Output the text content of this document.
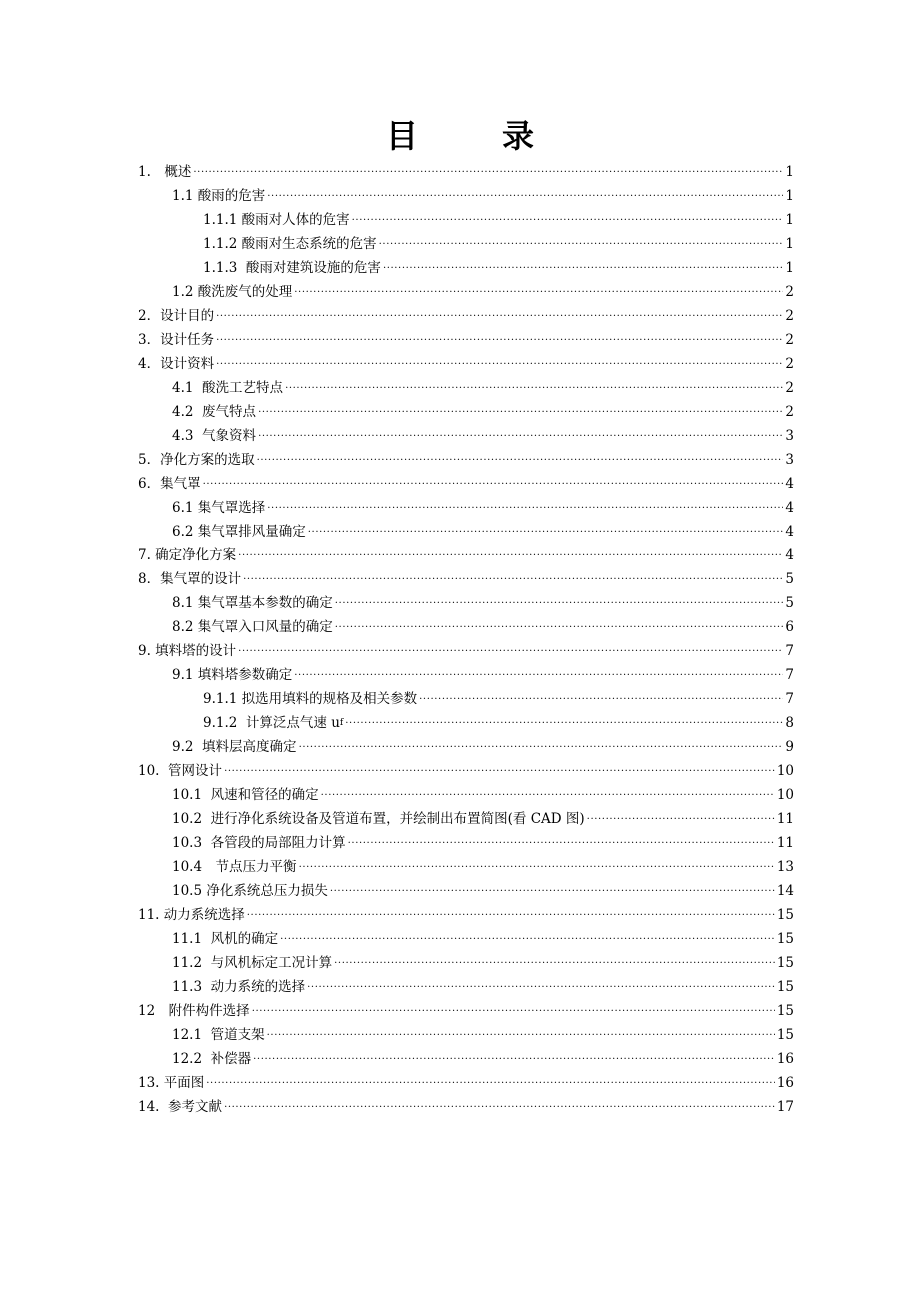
目　录
1.　概述 .....	1
1.1 酸雨的危害 .....	1
1.1.1 酸雨对人体的危害 .....	1
1.1.2 酸雨对生态系统的危害 .....	1
1.1.3  酸雨对建筑设施的危害 .....	1
1.2 酸洗废气的处理 .....	2
2．设计目的 .....	2
3．设计任务 .....	2
4．设计资料 .....	2
4.1  酸洗工艺特点 .....	2
4.2  废气特点 .....	2
4.3  气象资料 .....	3
5．净化方案的选取 .....	3
6．集气罩 .....	4
6.1 集气罩选择 .....	4
6.2 集气罩排风量确定 .....	4
7. 确定净化方案 .....	4
8．集气罩的设计 .....	5
8.1 集气罩基本参数的确定 .....	5
8.2 集气罩入口风量的确定 .....	6
9. 填料塔的设计 .....	7
9.1 填料塔参数确定 .....	7
9.1.1 拟选用填料的规格及相关参数 .....	7
9.1.2  计算泛点气速 u f .....	8
9.2  填料层高度确定 .....	9
10.  管网设计 .....	10
10.1  风速和管径的确定 .....	10
10.2  进行净化系统设备及管道布置，并绘制出布置简图(看 CAD 图) .....	11
10.3  各管段的局部阻力计算 .....	11
10.4　节点压力平衡 .....	13
10.5 净化系统总压力损失 .....	14
11. 动力系统选择 .....	15
11.1  风机的确定 .....	15
11.2  与风机标定工况计算 .....	15
11.3  动力系统的选择 .....	15
12　附件构件选择 .....	15
12.1  管道支架 .....	15
12.2  补偿器 .....	16
13. 平面图 .....	16
14.  参考文献 .....	17
